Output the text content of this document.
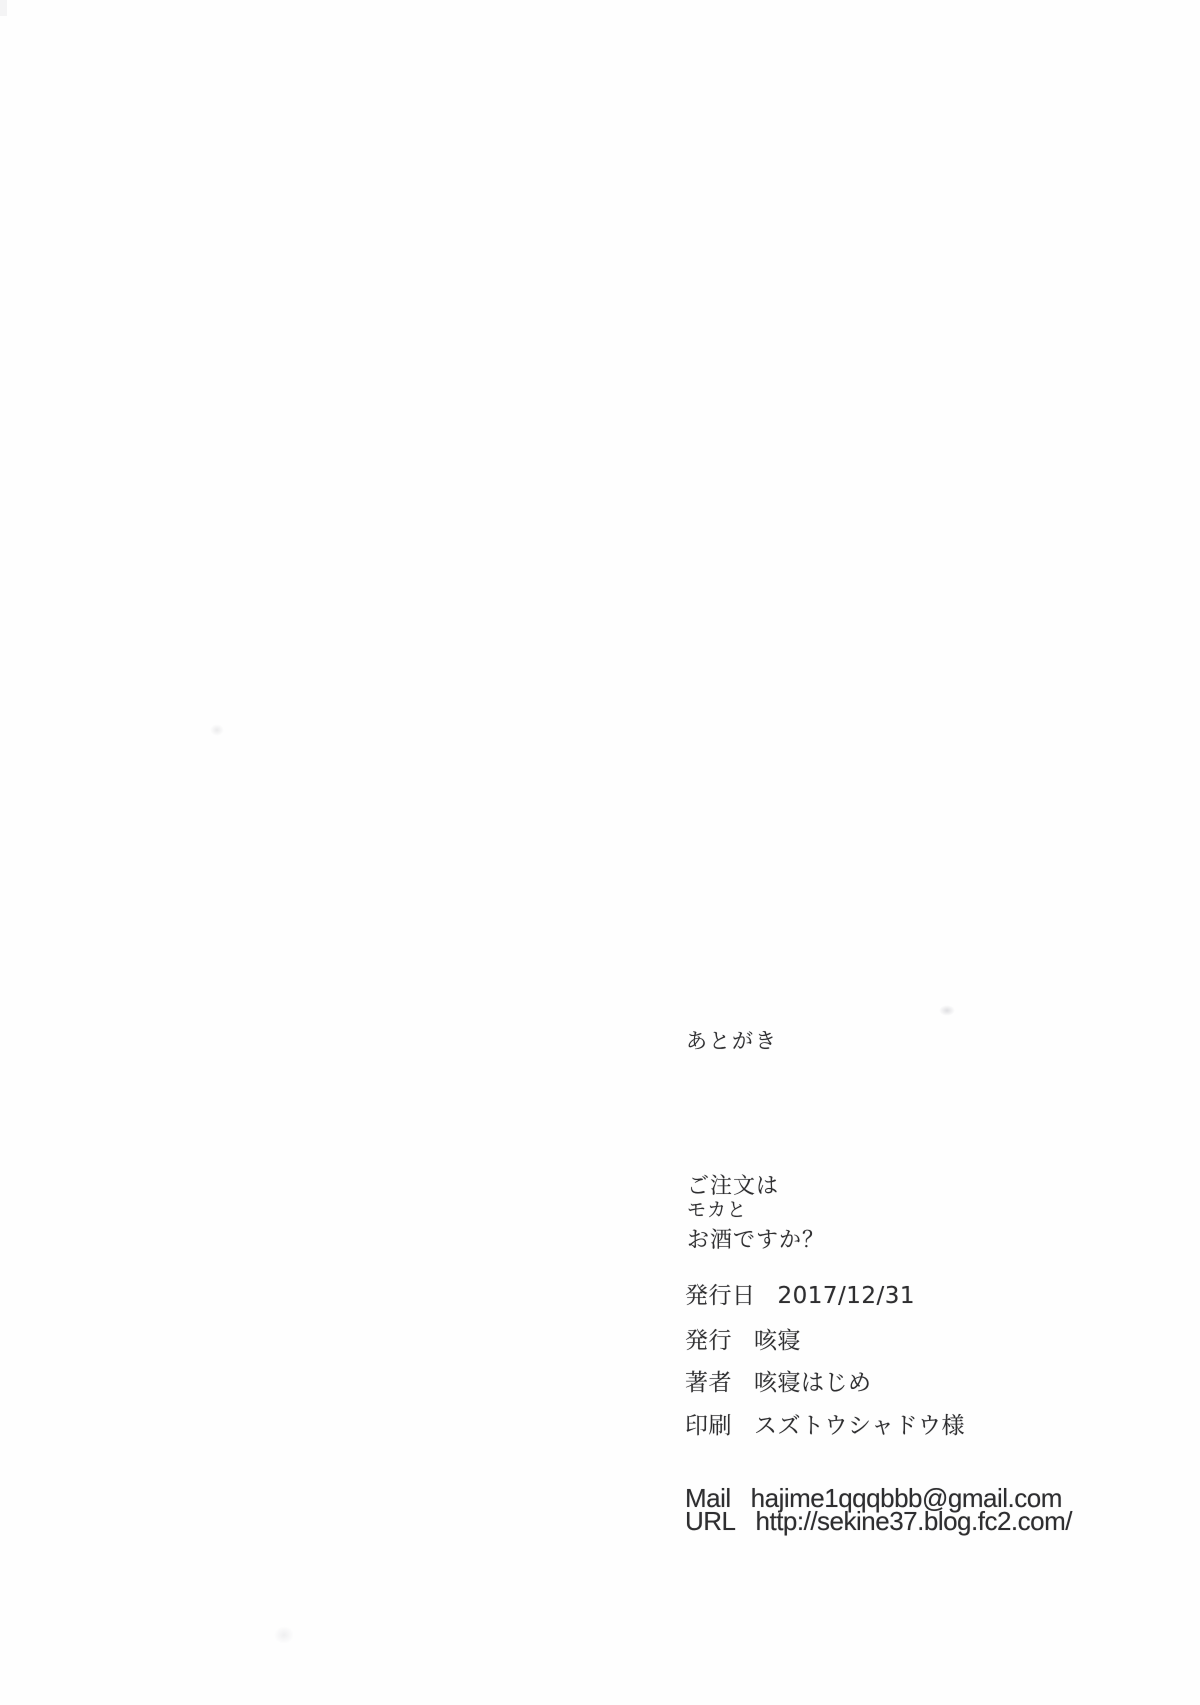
あとがき
ご注文は
モカと
お酒ですか？
発行日 2017/12/31
発行 咳寝
著者 咳寝はじめ
印刷 スズトウシャドウ様
Mail hajime1qqqbbb@gmail.com
URL http://sekine37.blog.fc2.com/
